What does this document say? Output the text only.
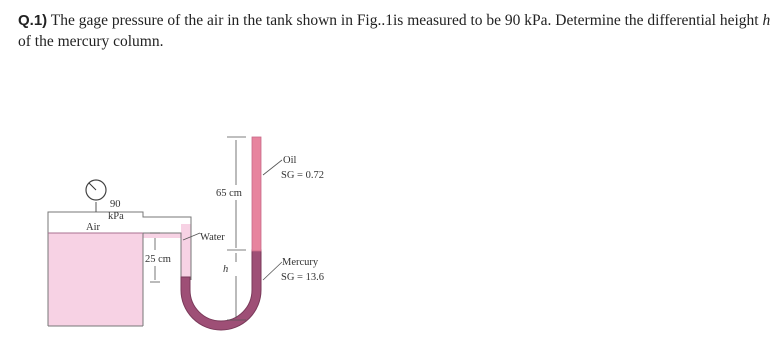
Q.1) The gage pressure of the air in the tank shown in Fig..1is measured to be 90 kPa. Determine the differential height h of the mercury column.
90
kPa
Air
Water
25 cm
65 cm
h
Oil
SG = 0.72
Mercury
SG = 13.6
